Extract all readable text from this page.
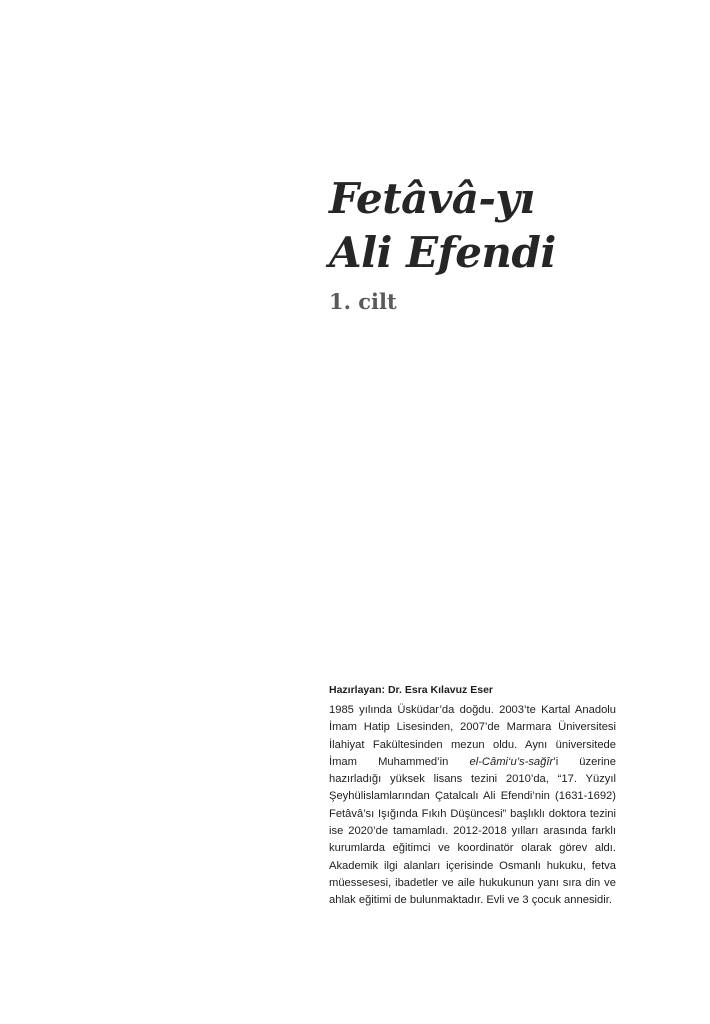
Fetâvâ-yı
Ali Efendi
1. cilt
Hazırlayan: Dr. Esra Kılavuz Eser

1985 yılında Üsküdar’da doğdu. 2003’te Kartal Anadolu İmam Hatip Lisesinden, 2007’de Marmara Üniversitesi İlahiyat Fakültesinden mezun oldu. Aynı üniversitede İmam Muhammed’in el-Câmi‘u’s-sağîr’i üzerine hazırladığı yüksek lisans tezini 2010’da, “17. Yüzyıl Şeyhülislamlarından Çatalcalı Ali Efendi’nin (1631-1692) Fetâvâ’sı Işığında Fıkıh Düşüncesi” başlıklı doktora tezini ise 2020’de tamamladı. 2012-2018 yılları arasında farklı kurumlarda eğitimci ve koordinatör olarak görev aldı. Akademik ilgi alanları içerisinde Osmanlı hukuku, fetva müessesesi, ibadetler ve aile hukukunun yanı sıra din ve ahlak eğitimi de bulunmaktadır. Evli ve 3 çocuk annesidir.
